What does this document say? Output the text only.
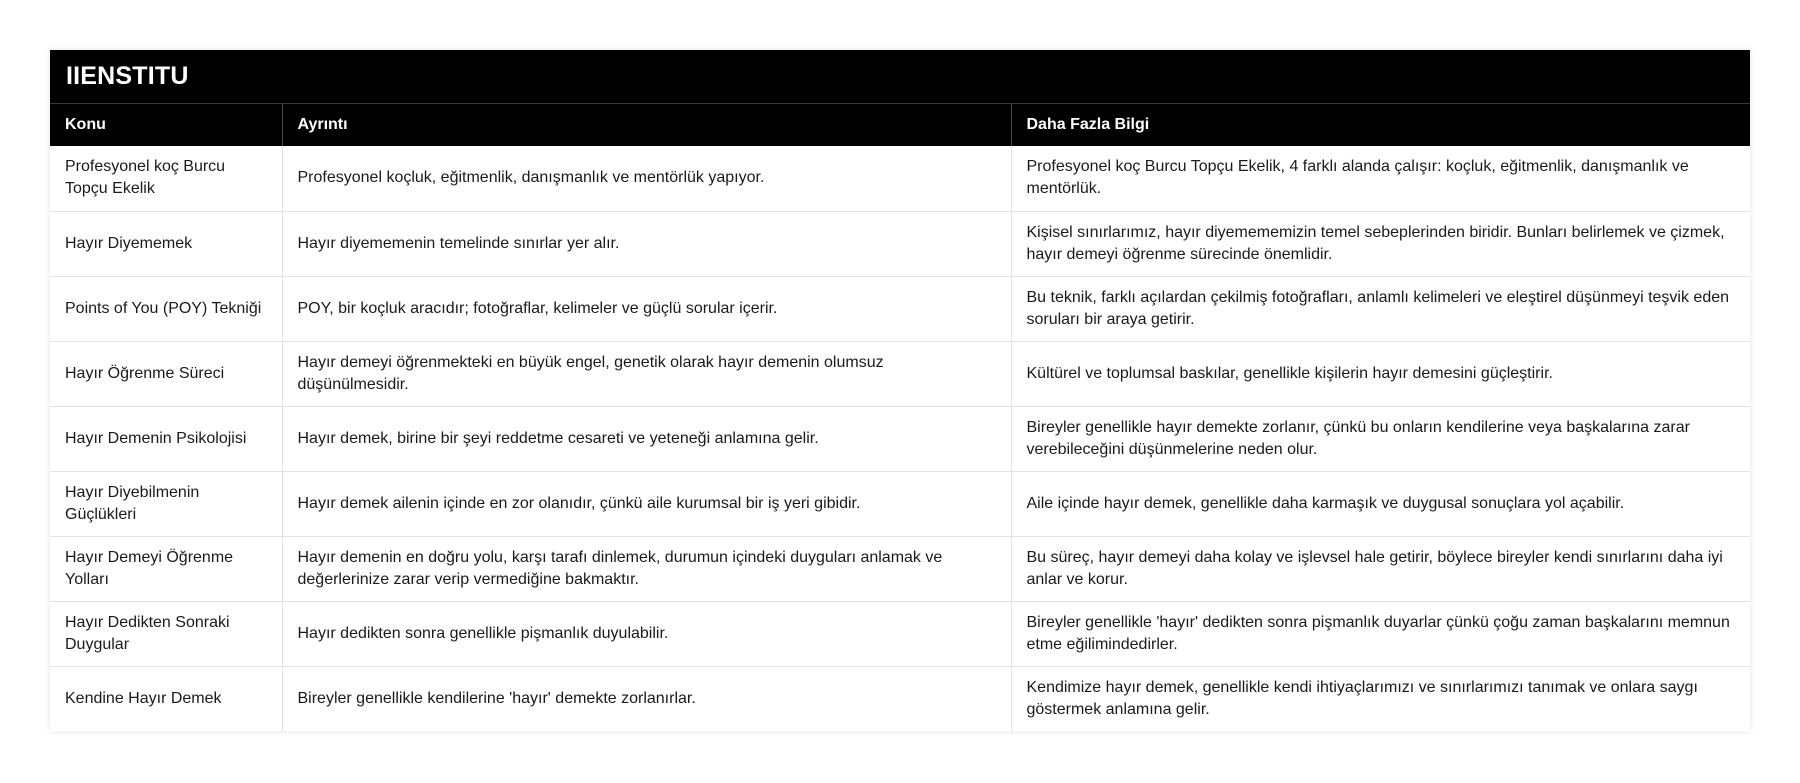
IIENSTITU
Konu	Ayrıntı	Daha Fazla Bilgi
Profesyonel koç Burcu Topçu Ekelik	Profesyonel koçluk, eğitmenlik, danışmanlık ve mentörlük yapıyor.	Profesyonel koç Burcu Topçu Ekelik, 4 farklı alanda çalışır: koçluk, eğitmenlik, danışmanlık ve mentörlük.
Hayır Diyememek	Hayır diyememenin temelinde sınırlar yer alır.	Kişisel sınırlarımız, hayır diyemememizin temel sebeplerinden biridir. Bunları belirlemek ve çizmek, hayır demeyi öğrenme sürecinde önemlidir.
Points of You (POY) Tekniği	POY, bir koçluk aracıdır; fotoğraflar, kelimeler ve güçlü sorular içerir.	Bu teknik, farklı açılardan çekilmiş fotoğrafları, anlamlı kelimeleri ve eleştirel düşünmeyi teşvik eden soruları bir araya getirir.
Hayır Öğrenme Süreci	Hayır demeyi öğrenmekteki en büyük engel, genetik olarak hayır demenin olumsuz düşünülmesidir.	Kültürel ve toplumsal baskılar, genellikle kişilerin hayır demesini güçleştirir.
Hayır Demenin Psikolojisi	Hayır demek, birine bir şeyi reddetme cesareti ve yeteneği anlamına gelir.	Bireyler genellikle hayır demekte zorlanır, çünkü bu onların kendilerine veya başkalarına zarar verebileceğini düşünmelerine neden olur.
Hayır Diyebilmenin Güçlükleri	Hayır demek ailenin içinde en zor olanıdır, çünkü aile kurumsal bir iş yeri gibidir.	Aile içinde hayır demek, genellikle daha karmaşık ve duygusal sonuçlara yol açabilir.
Hayır Demeyi Öğrenme Yolları	Hayır demenin en doğru yolu, karşı tarafı dinlemek, durumun içindeki duyguları anlamak ve değerlerinize zarar verip vermediğine bakmaktır.	Bu süreç, hayır demeyi daha kolay ve işlevsel hale getirir, böylece bireyler kendi sınırlarını daha iyi anlar ve korur.
Hayır Dedikten Sonraki Duygular	Hayır dedikten sonra genellikle pişmanlık duyulabilir.	Bireyler genellikle 'hayır' dedikten sonra pişmanlık duyarlar çünkü çoğu zaman başkalarını memnun etme eğilimindedirler.
Kendine Hayır Demek	Bireyler genellikle kendilerine 'hayır' demekte zorlanırlar.	Kendimize hayır demek, genellikle kendi ihtiyaçlarımızı ve sınırlarımızı tanımak ve onlara saygı göstermek anlamına gelir.
